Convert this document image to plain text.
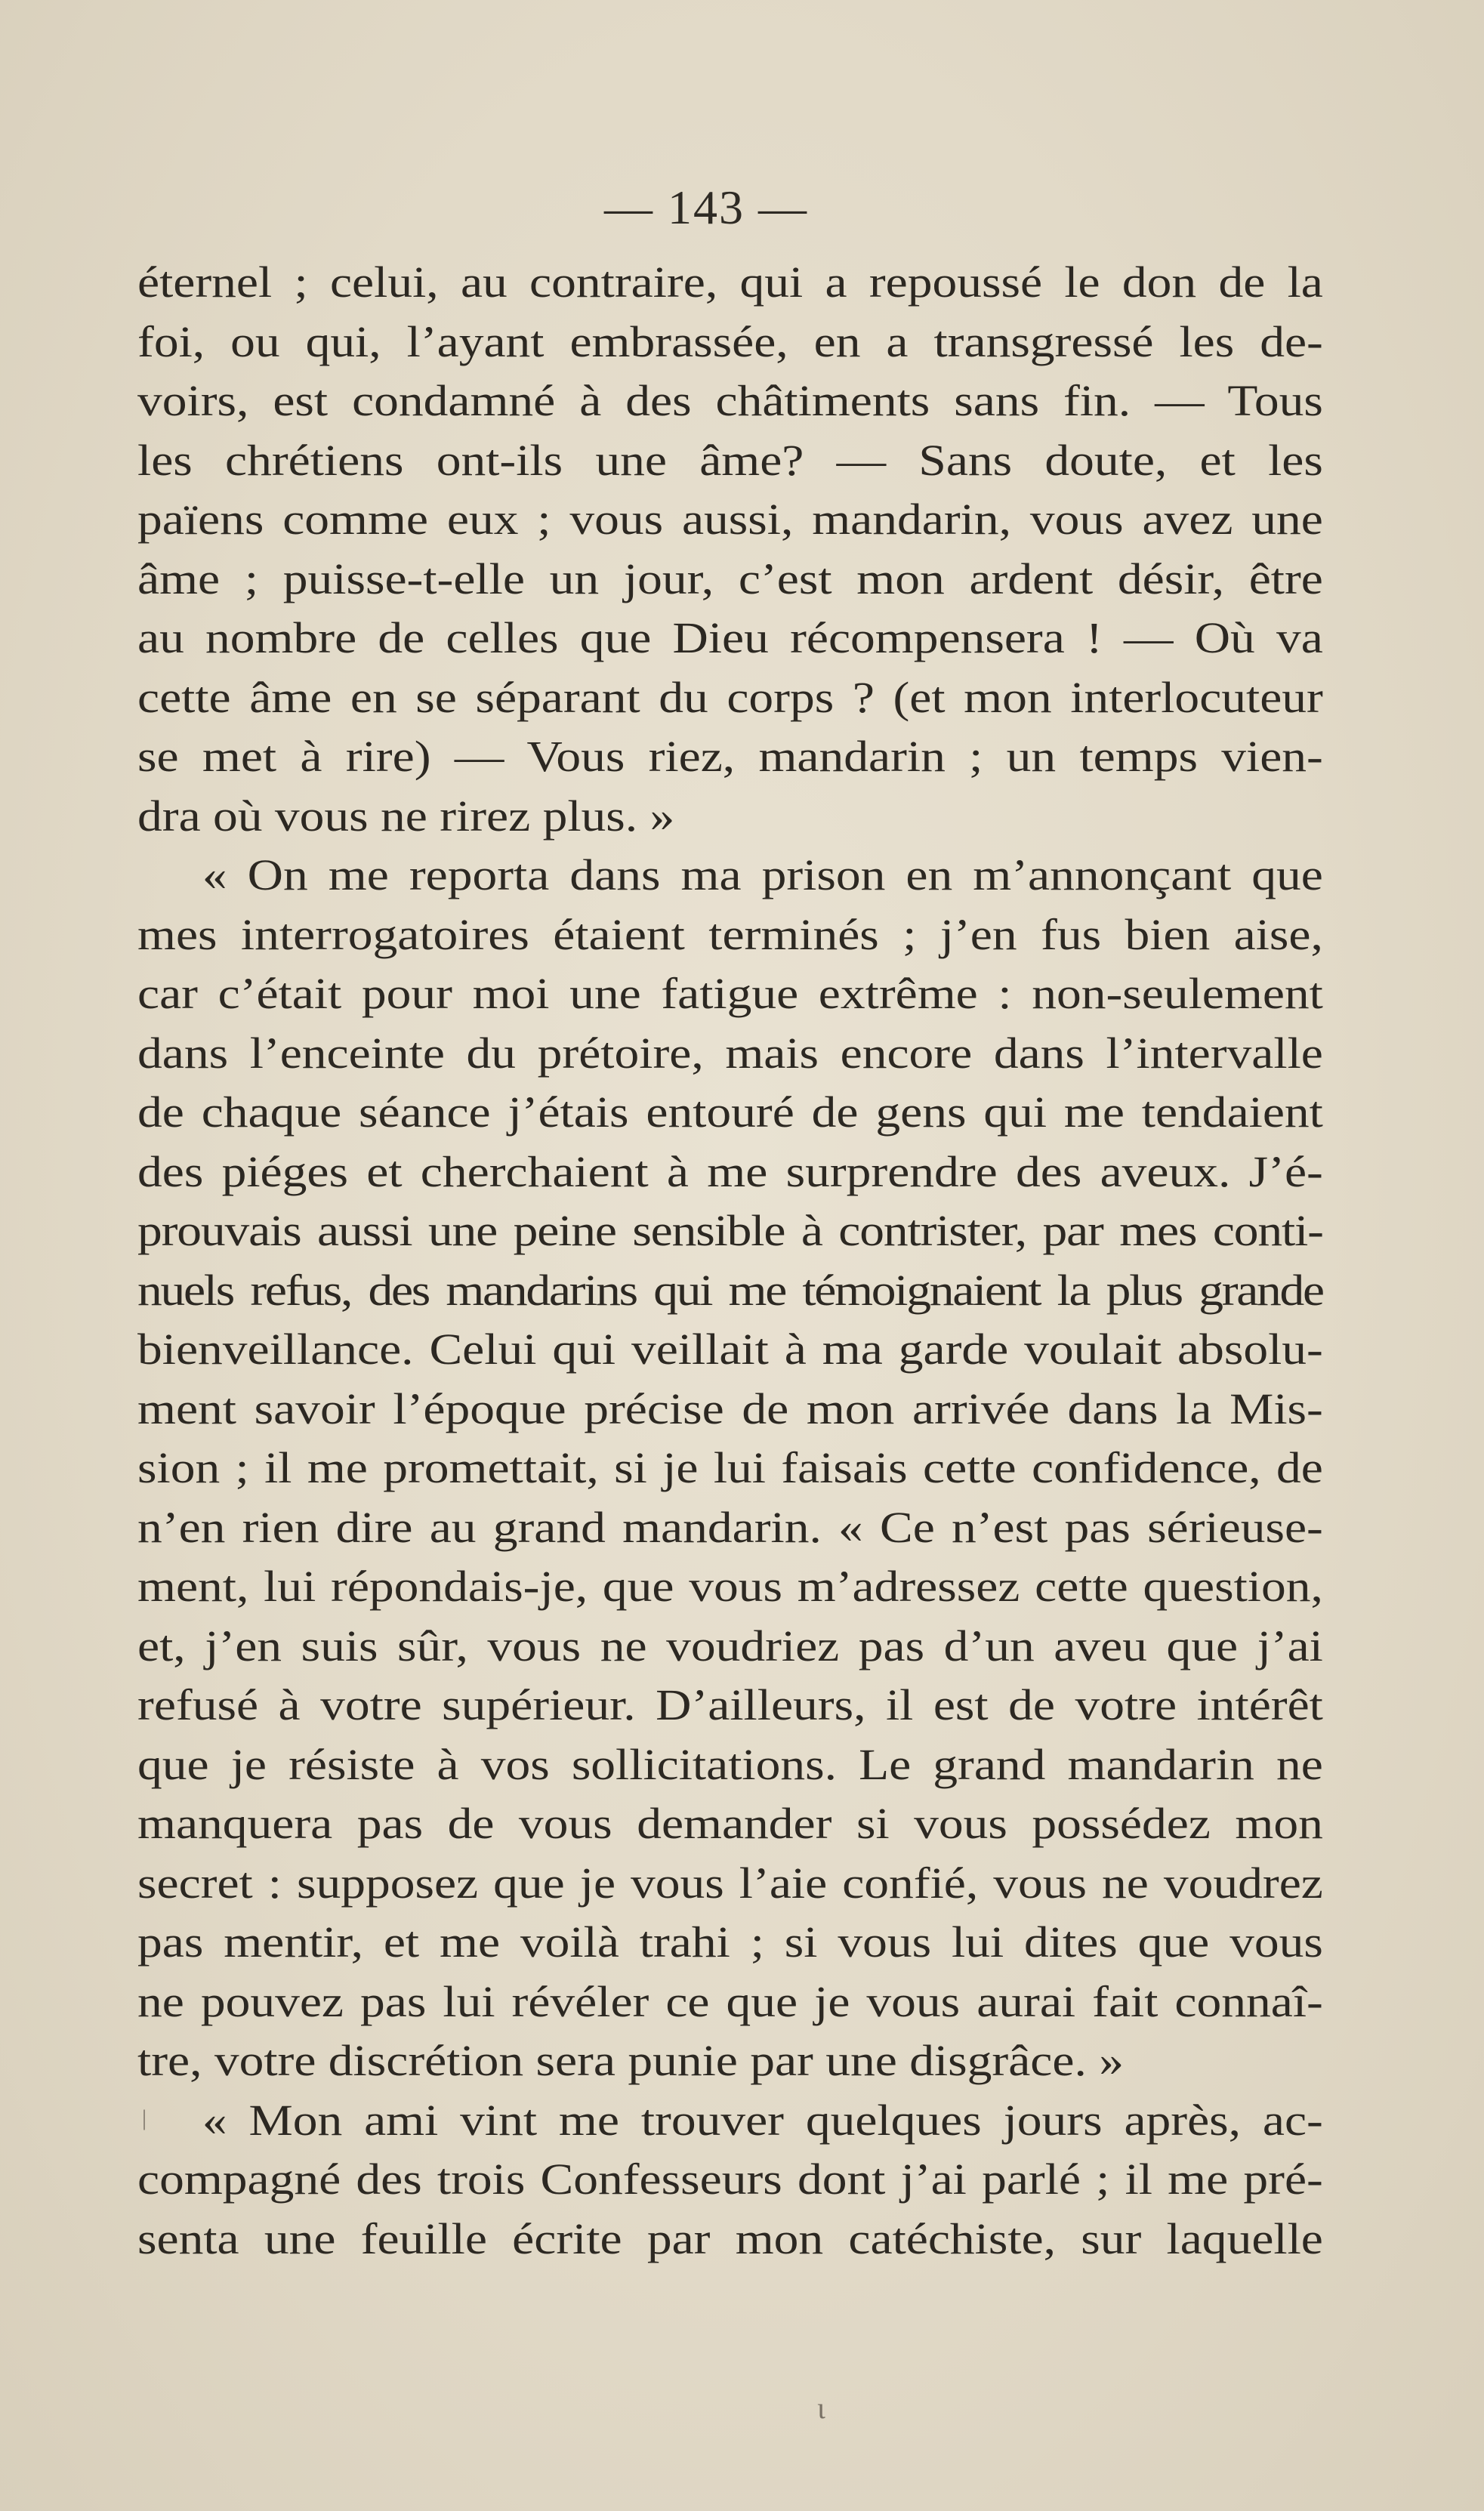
— 143 —
éternel ; celui, au contraire, qui a repoussé le don de la
foi, ou qui, l’ayant embrassée, en a transgressé les de-
voirs, est condamné à des châtiments sans fin. — Tous
les chrétiens ont-ils une âme? — Sans doute, et les
païens comme eux ; vous aussi, mandarin, vous avez une
âme ; puisse-t-elle un jour, c’est mon ardent désir, être
au nombre de celles que Dieu récompensera ! — Où va
cette âme en se séparant du corps ? (et mon interlocuteur
se met à rire) — Vous riez, mandarin ; un temps vien-
dra où vous ne rirez plus. »
« On me reporta dans ma prison en m’annonçant que
mes interrogatoires étaient terminés ; j’en fus bien aise,
car c’était pour moi une fatigue extrême : non-seulement
dans l’enceinte du prétoire, mais encore dans l’intervalle
de chaque séance j’étais entouré de gens qui me tendaient
des piéges et cherchaient à me surprendre des aveux. J’é-
prouvais aussi une peine sensible à contrister, par mes conti-
nuels refus, des mandarins qui me témoignaient la plus grande
bienveillance. Celui qui veillait à ma garde voulait absolu-
ment savoir l’époque précise de mon arrivée dans la Mis-
sion ; il me promettait, si je lui faisais cette confidence, de
n’en rien dire au grand mandarin. « Ce n’est pas sérieuse-
ment, lui répondais-je, que vous m’adressez cette question,
et, j’en suis sûr, vous ne voudriez pas d’un aveu que j’ai
refusé à votre supérieur. D’ailleurs, il est de votre intérêt
que je résiste à vos sollicitations. Le grand mandarin ne
manquera pas de vous demander si vous possédez mon
secret : supposez que je vous l’aie confié, vous ne voudrez
pas mentir, et me voilà trahi ; si vous lui dites que vous
ne pouvez pas lui révéler ce que je vous aurai fait connaî-
tre, votre discrétion sera punie par une disgrâce. »
« Mon ami vint me trouver quelques jours après, ac-
compagné des trois Confesseurs dont j’ai parlé ; il me pré-
senta une feuille écrite par mon catéchiste, sur laquelle
ι
|
